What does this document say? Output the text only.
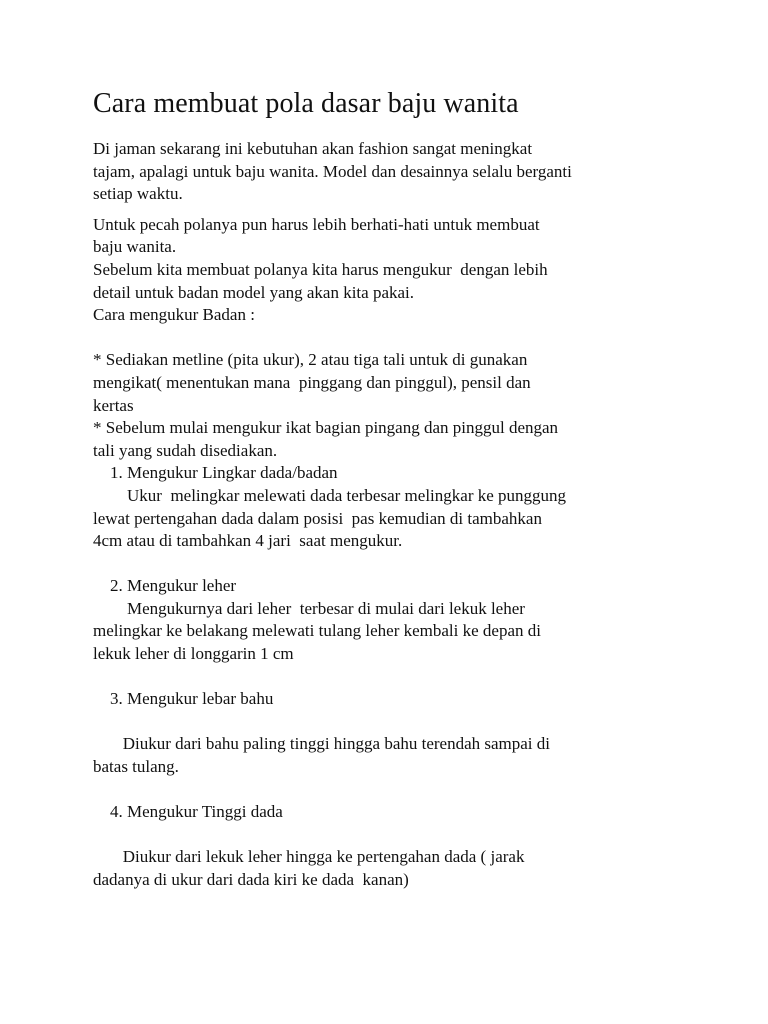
Cara membuat pola dasar baju wanita

Di jaman sekarang ini kebutuhan akan fashion sangat meningkat

tajam, apalagi untuk baju wanita. Model dan desainnya selalu berganti

setiap waktu.

Untuk pecah polanya pun harus lebih berhati-hati untuk membuat

baju wanita.

Sebelum kita membuat polanya kita harus mengukur  dengan lebih

detail untuk badan model yang akan kita pakai.

Cara mengukur Badan :

* Sediakan metline (pita ukur), 2 atau tiga tali untuk di gunakan

mengikat( menentukan mana  pinggang dan pinggul), pensil dan

kertas

* Sebelum mulai mengukur ikat bagian pingang dan pinggul dengan

tali yang sudah disediakan.

1. Mengukur Lingkar dada/badan

Ukur  melingkar melewati dada terbesar melingkar ke punggung

lewat pertengahan dada dalam posisi  pas kemudian di tambahkan

4cm atau di tambahkan 4 jari  saat mengukur.

2. Mengukur leher

Mengukurnya dari leher  terbesar di mulai dari lekuk leher

melingkar ke belakang melewati tulang leher kembali ke depan di

lekuk leher di longgarin 1 cm

3. Mengukur lebar bahu

Diukur dari bahu paling tinggi hingga bahu terendah sampai di

batas tulang.

4. Mengukur Tinggi dada

Diukur dari lekuk leher hingga ke pertengahan dada ( jarak

dadanya di ukur dari dada kiri ke dada  kanan)
